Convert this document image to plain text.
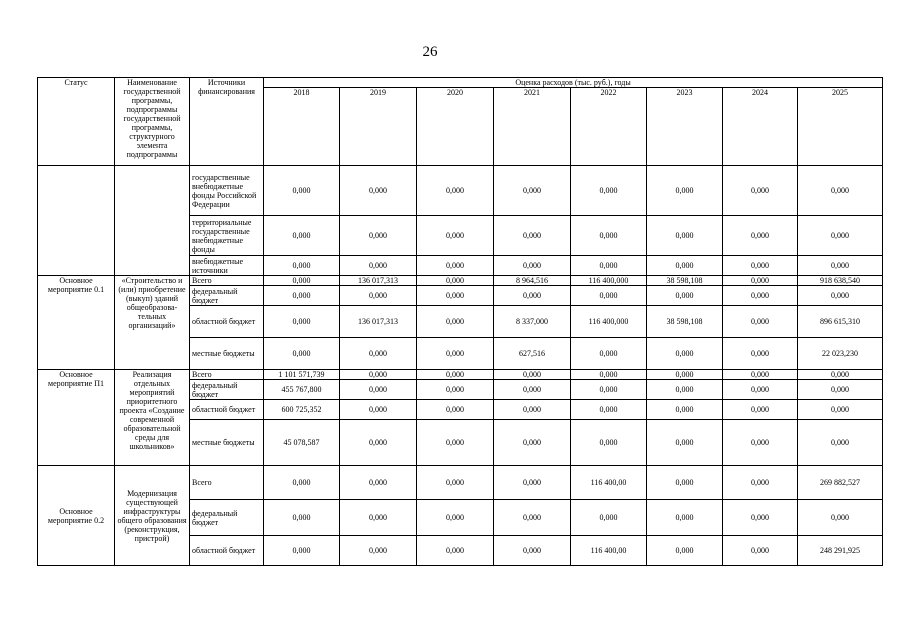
26
Статус	Наименование государственной программы, подпрограммы государственной программы, структурного элемента подпрограммы	Источники финансирования	Оценка расходов (тыс. руб.), годы							
			2018	2019	2020	2021	2022	2023	2024	2025
		государственные внебюджетные фонды Российской Федерации	0,000	0,000	0,000	0,000	0,000	0,000	0,000	0,000
		территориальные государственные внебюджетные фонды	0,000	0,000	0,000	0,000	0,000	0,000	0,000	0,000
		внебюджетные источники	0,000	0,000	0,000	0,000	0,000	0,000	0,000	0,000
Основное мероприятие 0.1	«Строительство и (или) приобретение (выкуп) зданий общеобразова-тельных организаций»	Всего	0,000	136 017,313	0,000	8 964,516	116 400,000	38 598,108	0,000	918 638,540
		федеральный бюджет	0,000	0,000	0,000	0,000	0,000	0,000	0,000	0,000
		областной бюджет	0,000	136 017,313	0,000	8 337,000	116 400,000	38 598,108	0,000	896 615,310
		местные бюджеты	0,000	0,000	0,000	627,516	0,000	0,000	0,000	22 023,230
Основное мероприятие П1	Реализация отдельных мероприятий приоритетного проекта «Создание современной образовательной среды для школьников»	Всего	1 101 571,739	0,000	0,000	0,000	0,000	0,000	0,000	0,000
		федеральный бюджет	455 767,800	0,000	0,000	0,000	0,000	0,000	0,000	0,000
		областной бюджет	600 725,352	0,000	0,000	0,000	0,000	0,000	0,000	0,000
		местные бюджеты	45 078,587	0,000	0,000	0,000	0,000	0,000	0,000	0,000
Основное мероприятие 0.2	Модернизация существующей инфраструктуры общего образования (реконструкция, пристрой)	Всего	0,000	0,000	0,000	0,000	116 400,00	0,000	0,000	269 882,527
		федеральный бюджет	0,000	0,000	0,000	0,000	0,000	0,000	0,000	0,000
		областной бюджет	0,000	0,000	0,000	0,000	116 400,00	0,000	0,000	248 291,925
